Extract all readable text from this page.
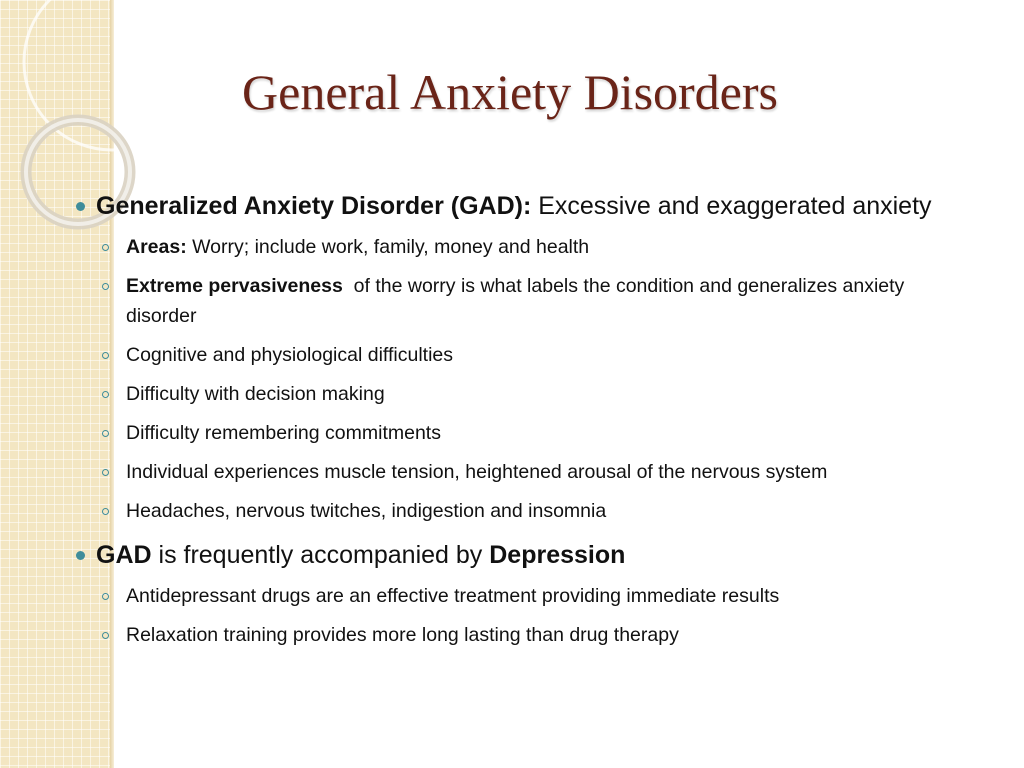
General Anxiety Disorders
Generalized Anxiety Disorder (GAD): Excessive and exaggerated anxiety
Areas: Worry; include work, family, money and health
Extreme pervasiveness  of the worry is what labels the condition and generalizes anxiety disorder
Cognitive and physiological difficulties
Difficulty with decision making
Difficulty remembering commitments
Individual experiences muscle tension, heightened arousal of the nervous system
Headaches, nervous twitches, indigestion and insomnia
GAD is frequently accompanied by Depression
Antidepressant drugs are an effective treatment providing immediate results
Relaxation training provides more long lasting than drug therapy
